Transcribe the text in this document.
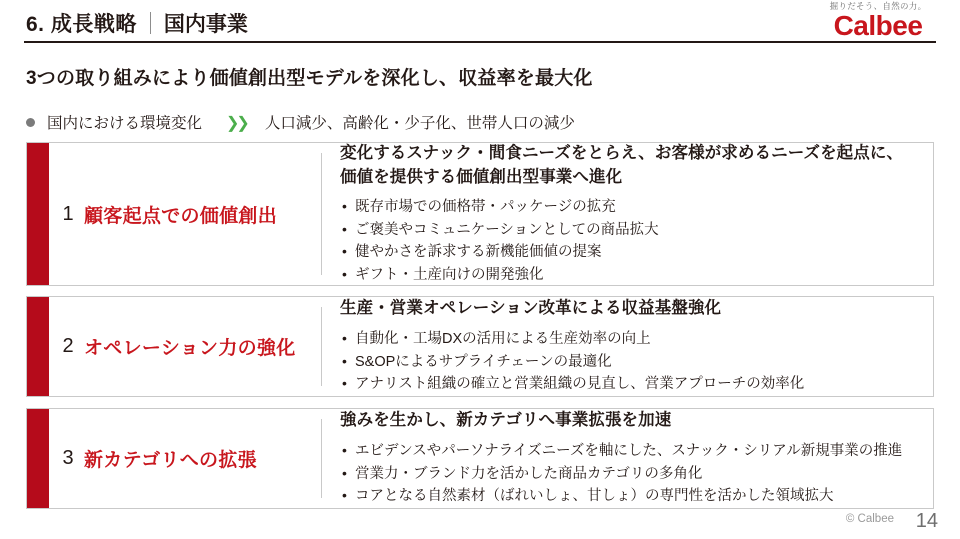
6. 成長戦略 国内事業
掘りだそう、自然の力。
Calbee
3つの取り組みにより価値創出型モデルを深化し、収益率を最大化
国内における環境変化 ❯❯ 人口減少、高齢化・少子化、世帯人口の減少
1 顧客起点での価値創出
変化するスナック・間食ニーズをとらえ、お客様が求めるニーズを起点に、価値を提供する価値創出型事業へ進化
• 既存市場での価格帯・パッケージの拡充
• ご褒美やコミュニケーションとしての商品拡大
• 健やかさを訴求する新機能価値の提案
• ギフト・土産向けの開発強化
2 オペレーション力の強化
生産・営業オペレーション改革による収益基盤強化
• 自動化・工場DXの活用による生産効率の向上
• S&OPによるサプライチェーンの最適化
• アナリスト組織の確立と営業組織の見直し、営業アプローチの効率化
3 新カテゴリへの拡張
強みを生かし、新カテゴリへ事業拡張を加速
• エビデンスやパーソナライズニーズを軸にした、スナック・シリアル新規事業の推進
• 営業力・ブランド力を活かした商品カテゴリの多角化
• コアとなる自然素材（ばれいしょ、甘しょ）の専門性を活かした領域拡大
© Calbee 14
